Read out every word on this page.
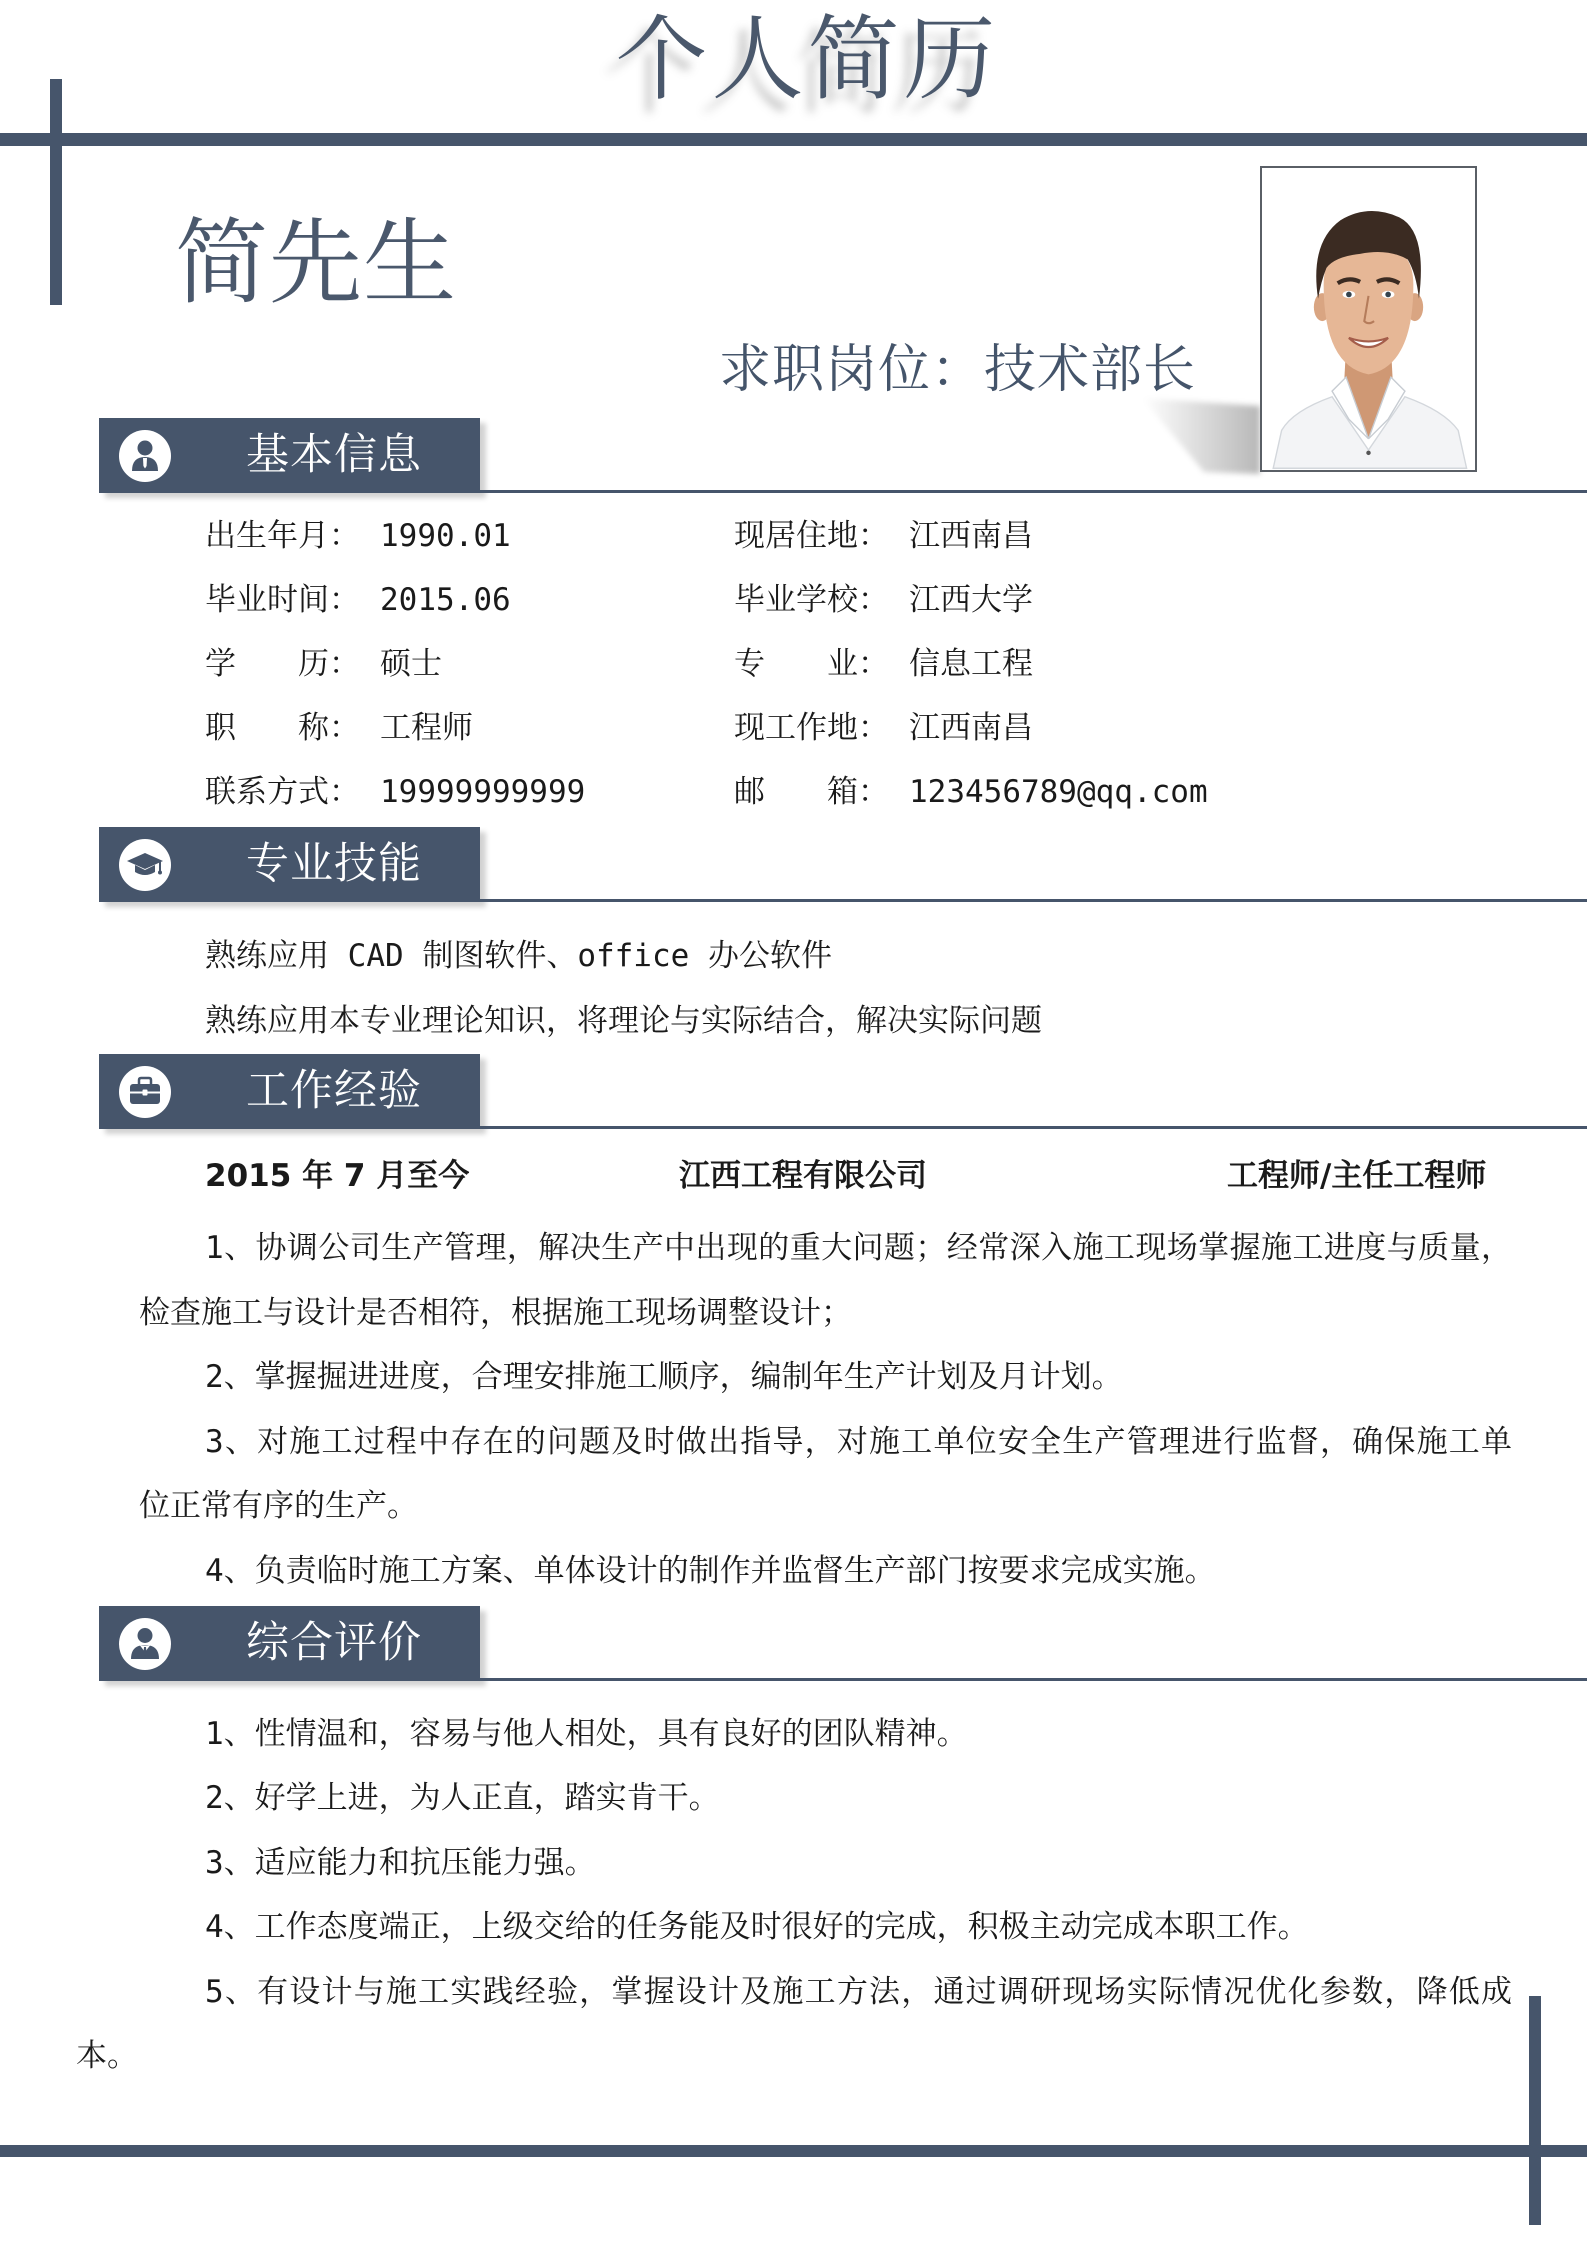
个人简历
简先生
求职岗位：技术部长
基本信息
出生年月： 1990.01	现居住地： 江西南昌
毕业时间： 2015.06	毕业学校： 江西大学
学　　历： 硕士	专　　业： 信息工程
职　　称： 工程师	现工作地： 江西南昌
联系方式： 19999999999	邮　　箱： 123456789@qq.com
专业技能
熟练应用 CAD 制图软件、office 办公软件
熟练应用本专业理论知识，将理论与实际结合，解决实际问题
工作经验
2015 年 7 月至今	江西工程有限公司	工程师/主任工程师
1、协调公司生产管理，解决生产中出现的重大问题；经常深入施工现场掌握施工进度与质量，
检查施工与设计是否相符，根据施工现场调整设计；
2、掌握掘进进度，合理安排施工顺序，编制年生产计划及月计划。
3、对施工过程中存在的问题及时做出指导，对施工单位安全生产管理进行监督，确保施工单
位正常有序的生产。
4、负责临时施工方案、单体设计的制作并监督生产部门按要求完成实施。
综合评价
1、性情温和，容易与他人相处，具有良好的团队精神。
2、好学上进，为人正直，踏实肯干。
3、适应能力和抗压能力强。
4、工作态度端正，上级交给的任务能及时很好的完成，积极主动完成本职工作。
5、有设计与施工实践经验，掌握设计及施工方法，通过调研现场实际情况优化参数，降低成
本。
